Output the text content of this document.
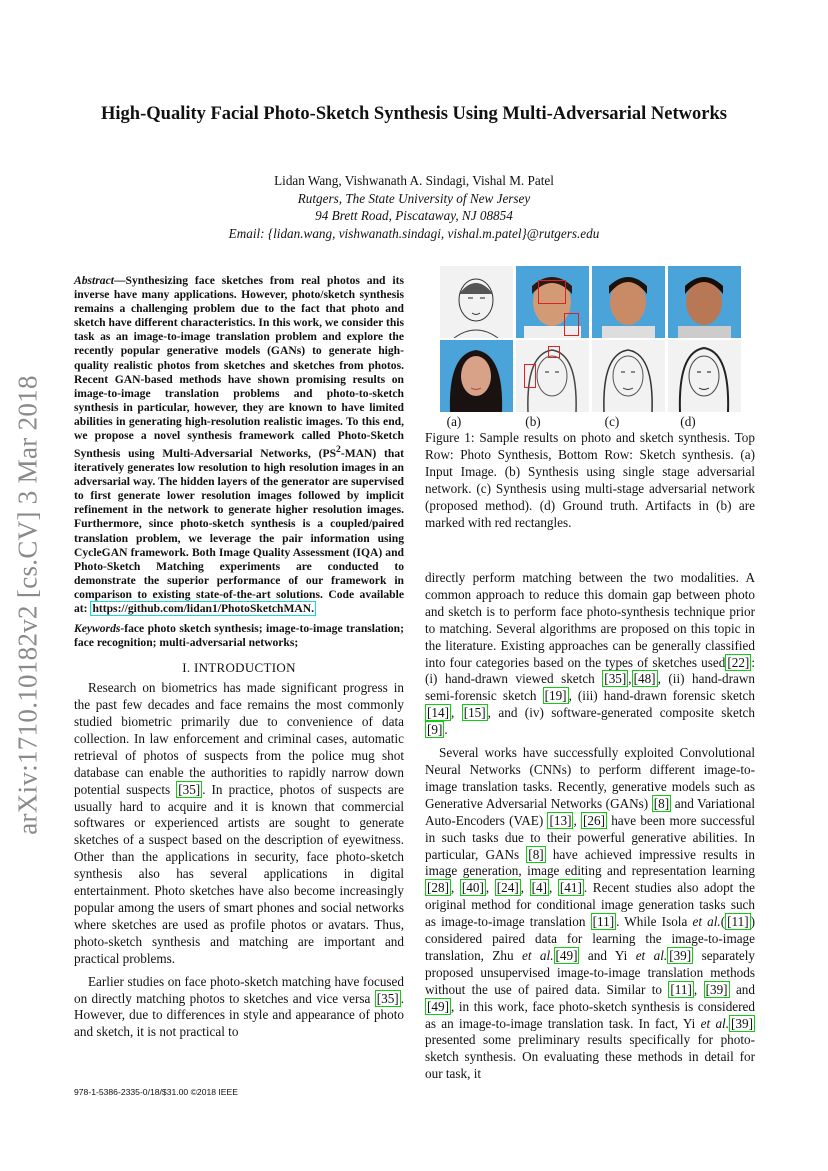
arXiv:1710.10182v2 [cs.CV] 3 Mar 2018
High-Quality Facial Photo-Sketch Synthesis Using Multi-Adversarial Networks
Lidan Wang, Vishwanath A. Sindagi, Vishal M. Patel
Rutgers, The State University of New Jersey
94 Brett Road, Piscataway, NJ 08854
Email: {lidan.wang, vishwanath.sindagi, vishal.m.patel}@rutgers.edu
Abstract—Synthesizing face sketches from real photos and its inverse have many applications. However, photo/sketch synthesis remains a challenging problem due to the fact that photo and sketch have different characteristics. In this work, we consider this task as an image-to-image translation problem and explore the recently popular generative models (GANs) to generate high-quality realistic photos from sketches and sketches from photos. Recent GAN-based methods have shown promising results on image-to-image translation problems and photo-to-sketch synthesis in particular, however, they are known to have limited abilities in generating high-resolution realistic images. To this end, we propose a novel synthesis framework called Photo-Sketch Synthesis using Multi-Adversarial Networks, $(PS^2-MAN)$ that iteratively generates low resolution to high resolution images in an adversarial way. The hidden layers of the generator are supervised to first generate lower resolution images followed by implicit refinement in the network to generate higher resolution images. Furthermore, since photo-sketch synthesis is a coupled/paired translation problem, we leverage the pair information using CycleGAN framework. Both Image Quality Assessment (IQA) and Photo-Sketch Matching experiments are conducted to demonstrate the superior performance of our framework in comparison to existing state-of-the-art solutions. Code available at: https://github.com/lidan1/PhotoSketchMAN.
Keywords-face photo sketch synthesis; image-to-image translation; face recognition; multi-adversarial networks;
I. INTRODUCTION

Research on biometrics has made significant progress in the past few decades and face remains the most commonly studied biometric primarily due to convenience of data collection. In law enforcement and criminal cases, automatic retrieval of photos of suspects from the police mug shot database can enable the authorities to rapidly narrow down potential suspects [35] . In practice, photos of suspects are usually hard to acquire and it is known that commercial softwares or experienced artists are sought to generate sketches of a suspect based on the description of eyewitness. Other than the applications in security, face photo-sketch synthesis also has several applications in digital entertainment. Photo sketches have also become increasingly popular among the users of smart phones and social networks where sketches are used as profile photos or avatars. Thus, photo-sketch synthesis and matching are important and practical problems.

Earlier studies on face photo-sketch matching have focused on directly matching photos to sketches and vice versa [35] . However, due to differences in style and appearance of photo and sketch, it is not practical to

(a)	(b)	(c)	(d)
Figure 1: Sample results on photo and sketch synthesis. Top Row: Photo Synthesis, Bottom Row: Sketch synthesis. (a) Input Image. (b) Synthesis using single stage adversarial network. (c) Synthesis using multi-stage adversarial network (proposed method). (d) Ground truth. Artifacts in (b) are marked with red rectangles.

directly perform matching between the two modalities. A common approach to reduce this domain gap between photo and sketch is to perform face photo-synthesis technique prior to matching. Several algorithms are proposed on this topic in the literature. Existing approaches can be generally classified into four categories based on the types of sketches used [22] : (i) hand-drawn viewed sketch [35] , [48] , (ii) hand-drawn semi-forensic sketch [19] , (iii) hand-drawn forensic sketch [14] , [15] , and (iv) software-generated composite sketch [9] .

Several works have successfully exploited Convolutional Neural Networks (CNNs) to perform different image-to-image translation tasks. Recently, generative models such as Generative Adversarial Networks (GANs) [8] and Variational Auto-Encoders (VAE) [13] , [26] have been more successful in such tasks due to their powerful generative abilities. In particular, GANs [8] have achieved impressive results in image generation, image editing and representation learning [28] , [40] , [24] , [4] , [41] . Recent studies also adopt the original method for conditional image generation tasks such as image-to-image translation [11] . While Isola et al.( [11] ) considered paired data for learning the image-to-image translation, Zhu et al. [49] and Yi et al. [39] separately proposed unsupervised image-to-image translation methods without the use of paired data. Similar to [11] , [39] and [49] , in this work, face photo-sketch synthesis is considered as an image-to-image translation task. In fact, Yi et al. [39] presented some preliminary results specifically for photo-sketch synthesis. On evaluating these methods in detail for our task, it

978-1-5386-2335-0/18/$31.00 ©2018 IEEE
